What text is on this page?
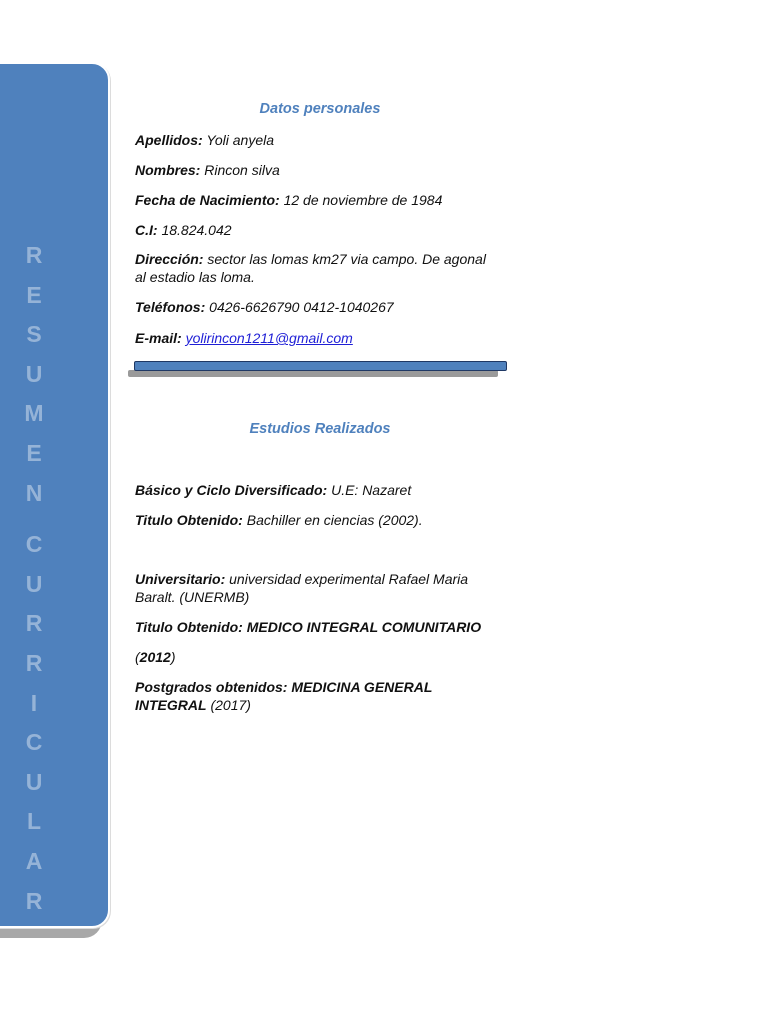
R
E
S
U
M
E
N
C
U
R
R
I
C
U
L
A
R
Datos personales
Apellidos: Yoli anyela
Nombres: Rincon silva
Fecha de Nacimiento: 12 de noviembre de 1984
C.I: 18.824.042
Dirección: sector las lomas km27 via campo. De agonal al estadio las loma.
Teléfonos: 0426-6626790 0412-1040267
E-mail: yolirincon1211@gmail.com
Estudios Realizados
Básico y Ciclo Diversificado: U.E: Nazaret
Titulo Obtenido: Bachiller en ciencias (2002).
Universitario: universidad experimental Rafael Maria Baralt. (UNERMB)
Titulo Obtenido: MEDICO INTEGRAL COMUNITARIO
(2012)
Postgrados obtenidos: MEDICINA GENERAL INTEGRAL (2017)
